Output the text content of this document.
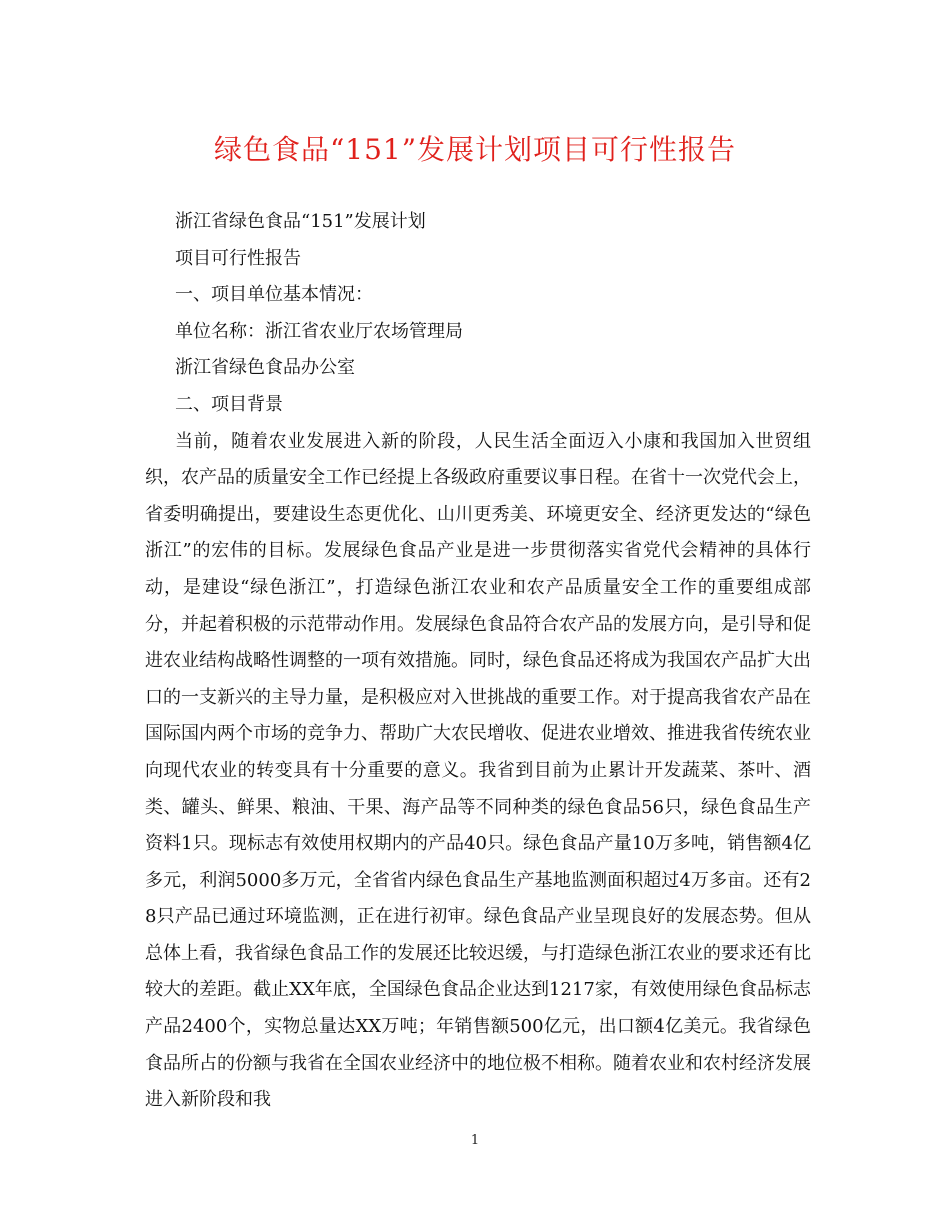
绿色食品“151”发展计划项目可行性报告

浙江省绿色食品“151”发展计划

项目可行性报告

一、项目单位基本情况：

单位名称：浙江省农业厅农场管理局

浙江省绿色食品办公室

二、项目背景

当前，随着农业发展进入新的阶段，人民生活全面迈入小康和我国加入世贸组织，农产品的质量安全工作已经提上各级政府重要议事日程。在省十一次党代会上，省委明确提出，要建设生态更优化、山川更秀美、环境更安全、经济更发达的“绿色浙江”的宏伟的目标。发展绿色食品产业是进一步贯彻落实省党代会精神的具体行动，是建设“绿色浙江”，打造绿色浙江农业和农产品质量安全工作的重要组成部分，并起着积极的示范带动作用。发展绿色食品符合农产品的发展方向，是引导和促进农业结构战略性调整的一项有效措施。同时，绿色食品还将成为我国农产品扩大出口的一支新兴的主导力量，是积极应对入世挑战的重要工作。对于提高我省农产品在国际国内两个市场的竞争力、帮助广大农民增收、促进农业增效、推进我省传统农业向现代农业的转变具有十分重要的意义。我省到目前为止累计开发蔬菜、茶叶、酒类、罐头、鲜果、粮油、干果、海产品等不同种类的绿色食品56只，绿色食品生产资料1只。现标志有效使用权期内的产品40只。绿色食品产量10万多吨，销售额4亿多元，利润5000多万元，全省省内绿色食品生产基地监测面积超过4万多亩。还有28只产品已通过环境监测，正在进行初审。绿色食品产业呈现良好的发展态势。但从总体上看，我省绿色食品工作的发展还比较迟缓，与打造绿色浙江农业的要求还有比较大的差距。截止XX年底，全国绿色食品企业达到1217家，有效使用绿色食品标志产品2400个，实物总量达XX万吨；年销售额500亿元，出口额4亿美元。我省绿色食品所占的份额与我省在全国农业经济中的地位极不相称。随着农业和农村经济发展进入新阶段和我

1
